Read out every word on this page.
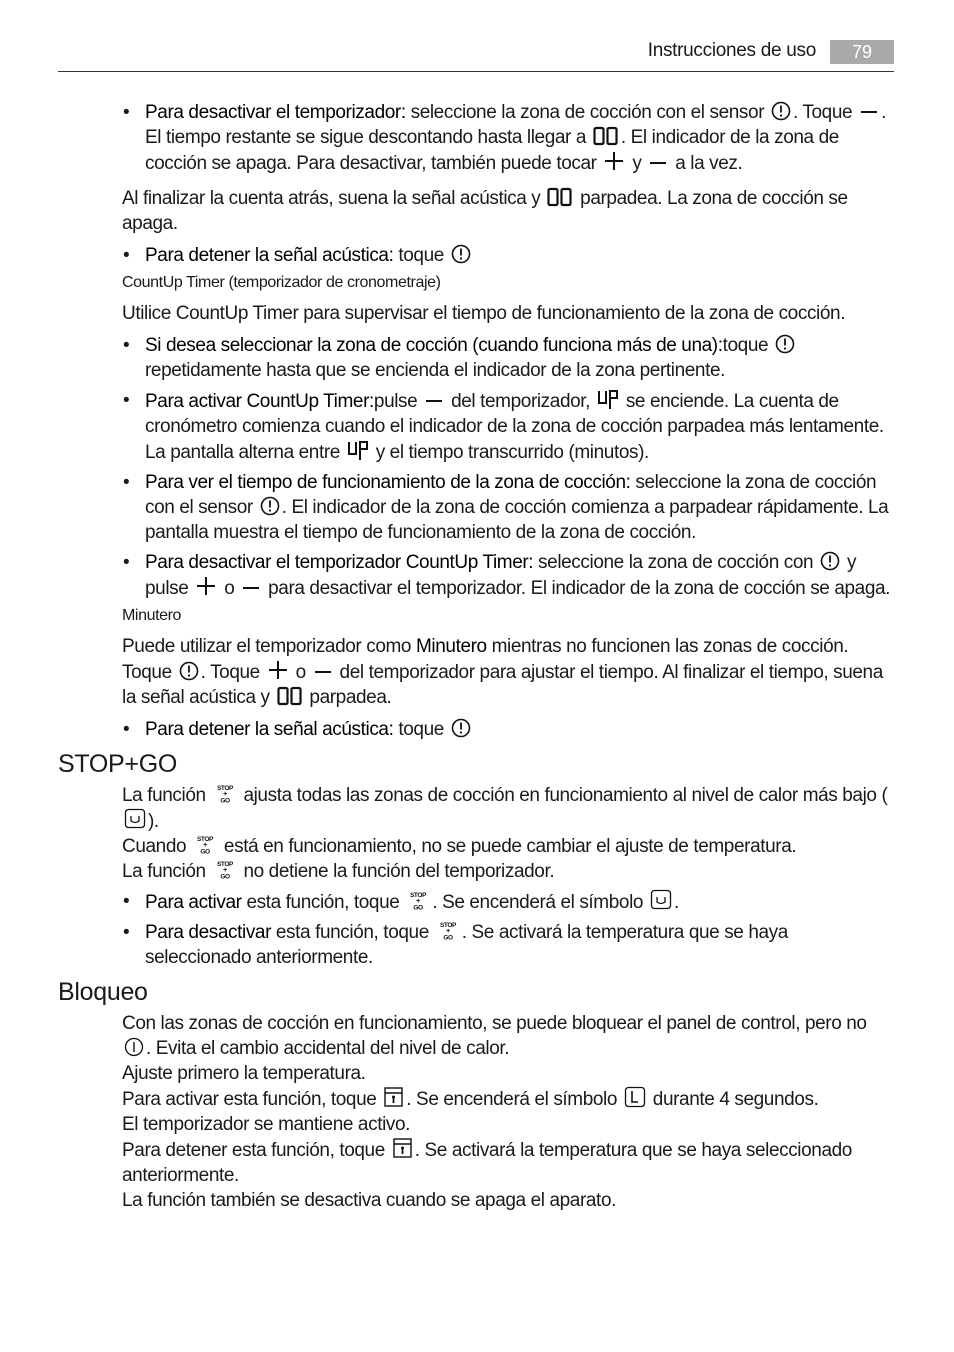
Instrucciones de uso	79
• Para desactivar el temporizador: seleccione la zona de cocción con el sensor . Toque . El tiempo restante se sigue descontando hasta llegar a . El indicador de la zona de cocción se apaga. Para desactivar, también puede tocar  y  a la vez.
Al finalizar la cuenta atrás, suena la señal acústica y  parpadea. La zona de cocción se apaga.
• Para detener la señal acústica: toque
CountUp Timer (temporizador de cronometraje)
Utilice CountUp Timer para supervisar el tiempo de funcionamiento de la zona de cocción.
• Si desea seleccionar la zona de cocción (cuando funciona más de una):toque  repetidamente hasta que se encienda el indicador de la zona pertinente.
• Para activar CountUp Timer:pulse  del temporizador,  se enciende. La cuenta de cronómetro comienza cuando el indicador de la zona de cocción parpadea más lentamente. La pantalla alterna entre  y el tiempo transcurrido (minutos).
• Para ver el tiempo de funcionamiento de la zona de cocción: seleccione la zona de cocción con el sensor . El indicador de la zona de cocción comienza a parpadear rápidamente. La pantalla muestra el tiempo de funcionamiento de la zona de cocción.
• Para desactivar el temporizador CountUp Timer: seleccione la zona de cocción con  y pulse  o  para desactivar el temporizador. El indicador de la zona de cocción se apaga.
Minutero
Puede utilizar el temporizador como Minutero mientras no funcionen las zonas de cocción. Toque . Toque  o  del temporizador para ajustar el tiempo. Al finalizar el tiempo, suena la señal acústica y  parpadea.
• Para detener la señal acústica: toque
STOP+GO
La función  ajusta todas las zonas de cocción en funcionamiento al nivel de calor más bajo ().
Cuando  está en funcionamiento, no se puede cambiar el ajuste de temperatura.
La función  no detiene la función del temporizador.
• Para activar esta función, toque . Se encenderá el símbolo .
• Para desactivar esta función, toque . Se activará la temperatura que se haya seleccionado anteriormente.
Bloqueo
Con las zonas de cocción en funcionamiento, se puede bloquear el panel de control, pero no . Evita el cambio accidental del nivel de calor.
Ajuste primero la temperatura.
Para activar esta función, toque . Se encenderá el símbolo  durante 4 segundos.
El temporizador se mantiene activo.
Para detener esta función, toque . Se activará la temperatura que se haya seleccionado anteriormente.
La función también se desactiva cuando se apaga el aparato.
